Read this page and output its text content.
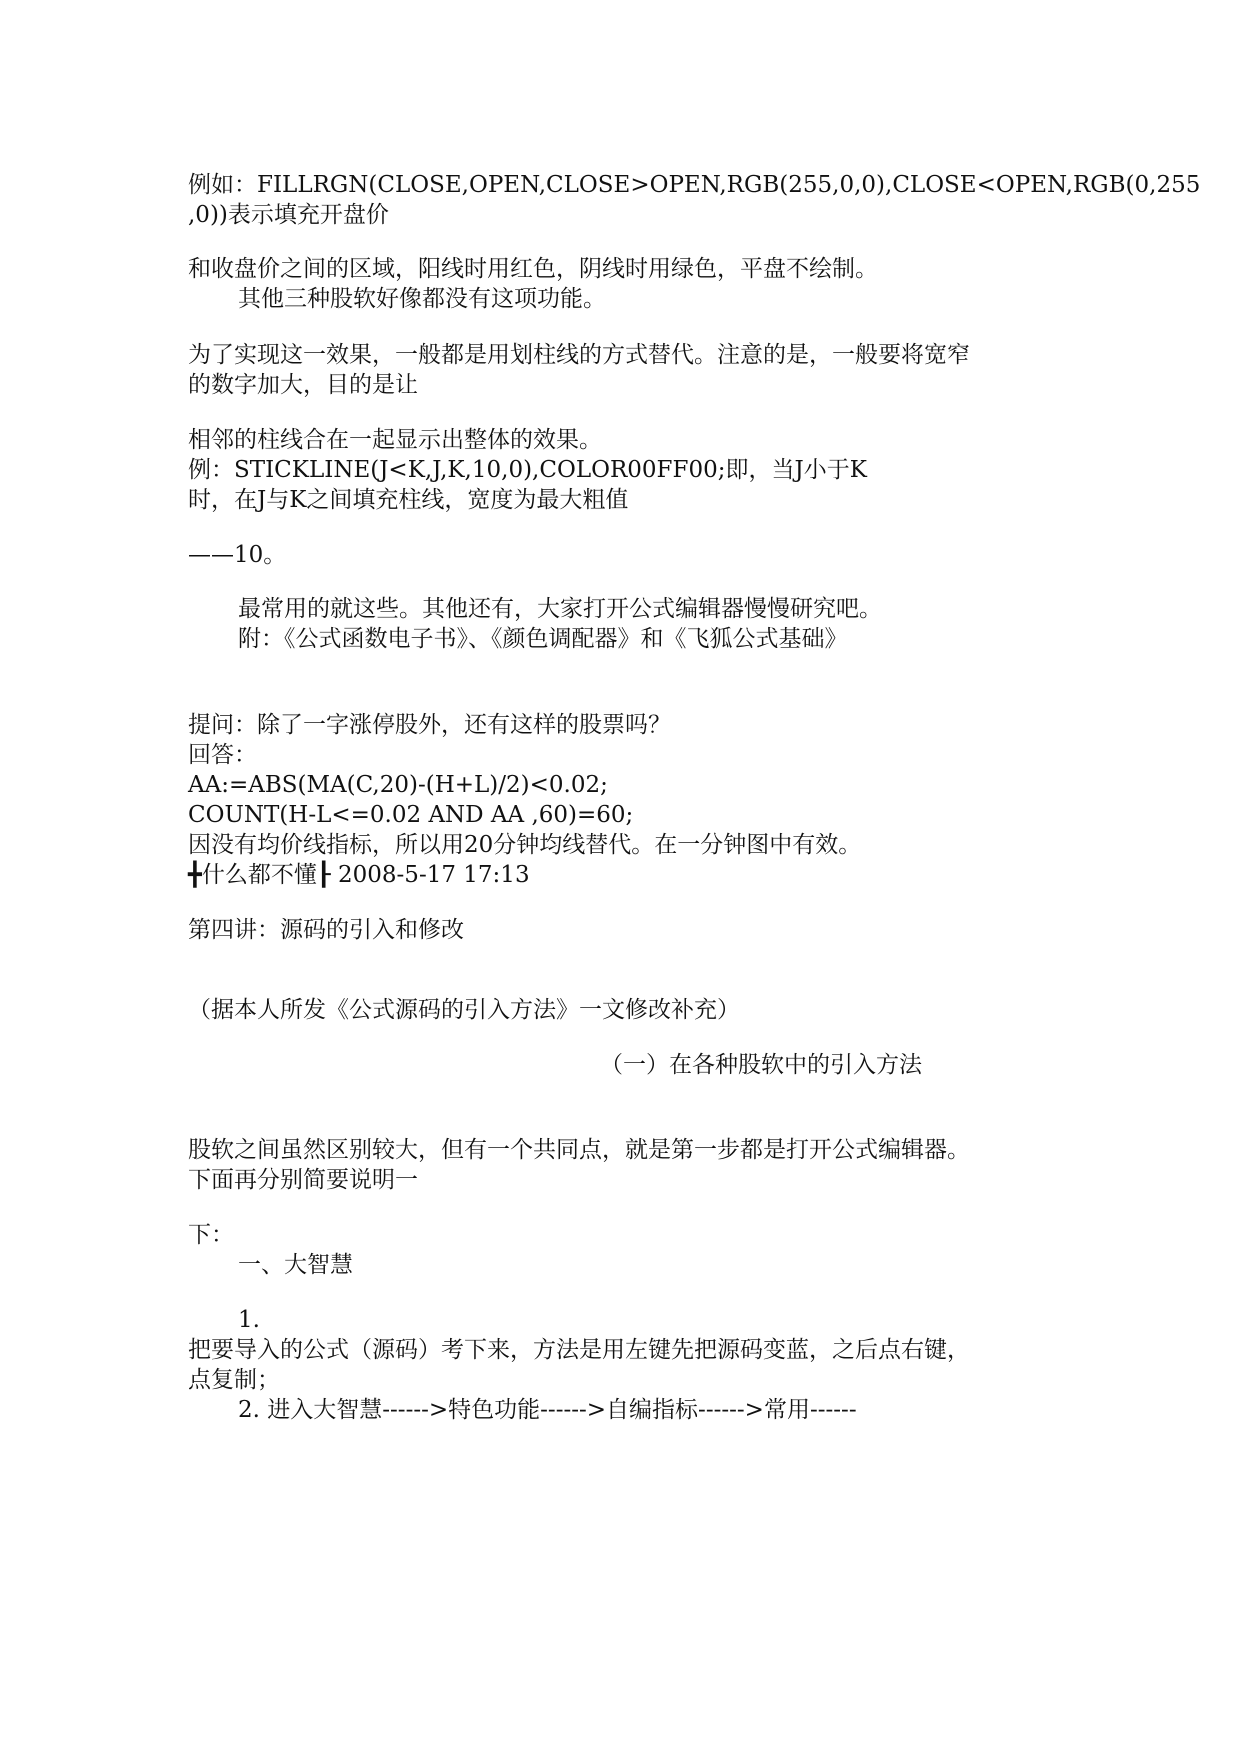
例如：FILLRGN(CLOSE,OPEN,CLOSE>OPEN,RGB(255,0,0),CLOSE<OPEN,RGB(0,255
,0))表示填充开盘价
和收盘价之间的区域，阳线时用红色，阴线时用绿色，平盘不绘制。
其他三种股软好像都没有这项功能。
为了实现这一效果，一般都是用划柱线的方式替代。注意的是，一般要将宽窄
的数字加大，目的是让
相邻的柱线合在一起显示出整体的效果。
例：STICKLINE(J<K,J,K,10,0),COLOR00FF00;即，当J小于K
时，在J与K之间填充柱线，宽度为最大粗值
——10。
最常用的就这些。其他还有，大家打开公式编辑器慢慢研究吧。
附：《公式函数电子书》、《颜色调配器》和《飞狐公式基础》
提问：除了一字涨停股外，还有这样的股票吗？
回答：
AA:=ABS(MA(C,20)-(H+L)/2)<0.02;
COUNT(H-L<=0.02 AND AA ,60)=60;
因没有均价线指标，所以用20分钟均线替代。在一分钟图中有效。
╋什么都不懂┠ 2008-5-17 17:13
第四讲：源码的引入和修改
（据本人所发《公式源码的引入方法》一文修改补充）
（一）在各种股软中的引入方法
股软之间虽然区别较大，但有一个共同点，就是第一步都是打开公式编辑器。
下面再分别简要说明一
下：
一、大智慧
1.
把要导入的公式（源码）考下来，方法是用左键先把源码变蓝，之后点右键，
点复制；
2. 进入大智慧------>特色功能------>自编指标------>常用------
